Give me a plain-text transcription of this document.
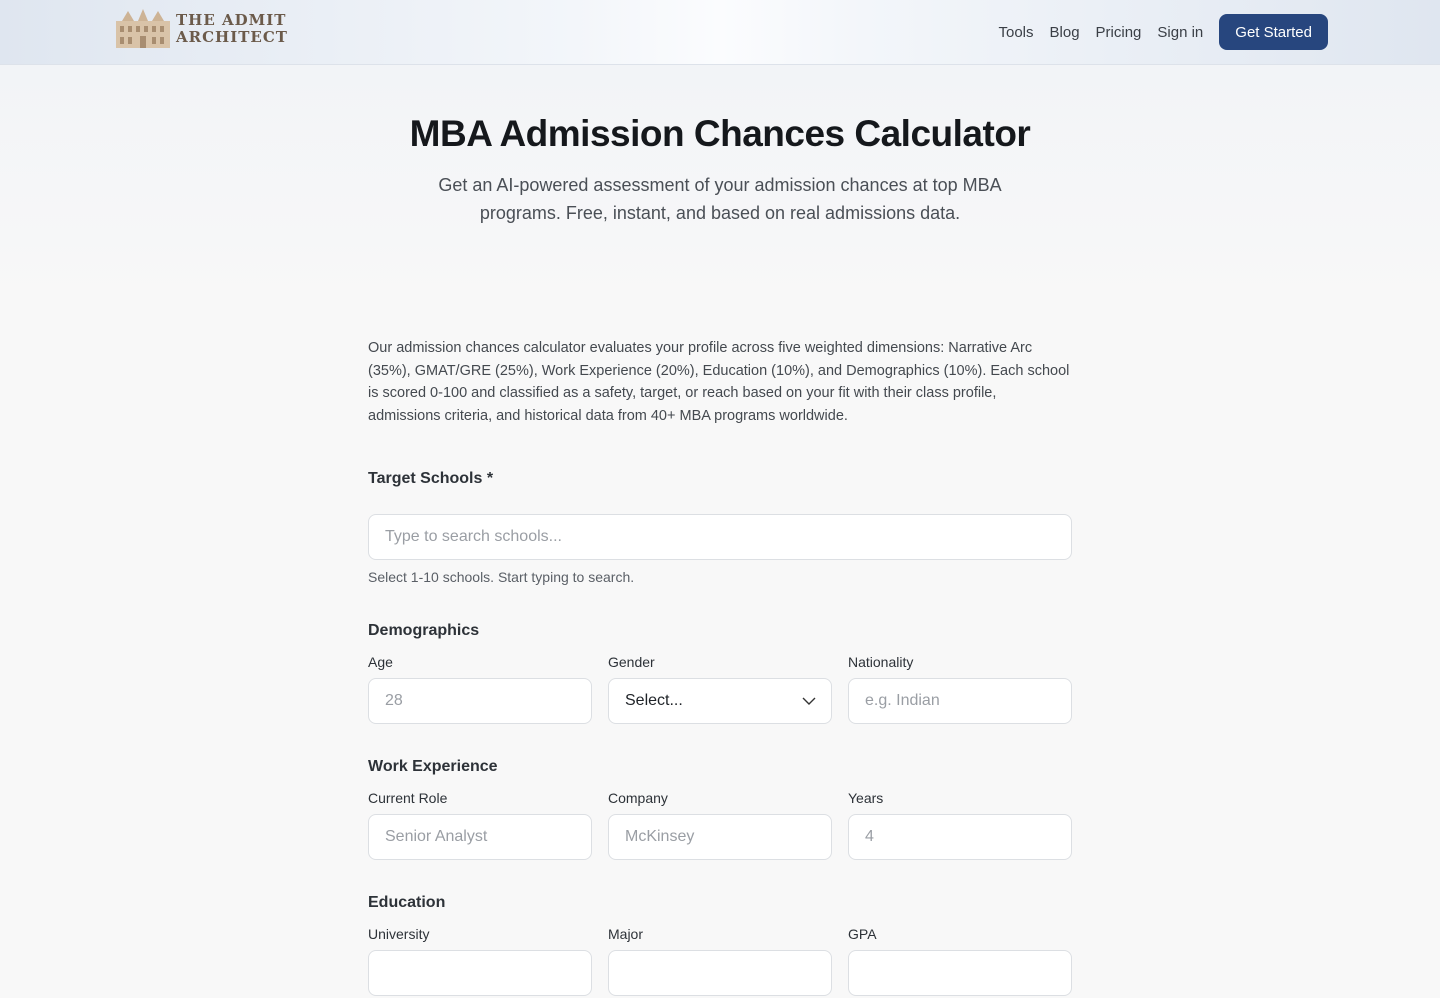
THE ADMIT
ARCHITECT	Tools Blog Pricing Sign in	Get Started
MBA Admission Chances Calculator

Get an AI-powered assessment of your admission chances at top MBA programs. Free, instant, and based on real admissions data.

Our admission chances calculator evaluates your profile across five weighted dimensions: Narrative Arc (35%), GMAT/GRE (25%), Work Experience (20%), Education (10%), and Demographics (10%). Each school is scored 0-100 and classified as a safety, target, or reach based on your fit with their class profile, admissions criteria, and historical data from 40+ MBA programs worldwide.

Target Schools *
Type to search schools...
Select 1-10 schools. Start typing to search.
Demographics
Age
28
Gender
Select...
Nationality
e.g. Indian
Work Experience
Current Role
Senior Analyst
Company
McKinsey
Years
4
Education
University	Major	GPA
